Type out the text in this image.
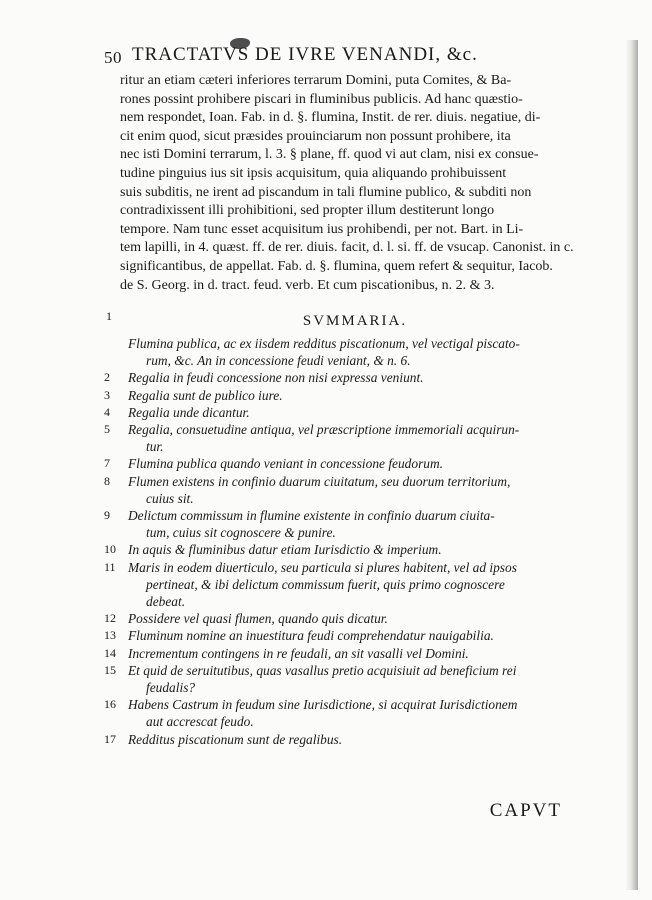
50 TRACTATVS DE IVRE VENANDI, &c.
ritur an etiam cæteri inferiores terrarum Domini, puta Comites, & Ba-
rones possint prohibere piscari in fluminibus publicis. Ad hanc quæstio-
nem respondet, Ioan. Fab. in d. §. flumina, Instit. de rer. diuis. negatiue, di-
cit enim quod, sicut præsides prouinciarum non possunt prohibere, ita
nec isti Domini terrarum, l. 3. § plane, ff. quod vi aut clam, nisi ex consue-
tudine pinguius ius sit ipsis acquisitum, quia aliquando prohibuissent
suis subditis, ne irent ad piscandum in tali flumine publico, & subditi non
contradixissent illi prohibitioni, sed propter illum destiterunt longo
tempore. Nam tunc esset acquisitum ius prohibendi, per not. Bart. in Li-
tem lapilli, in 4. quæst. ff. de rer. diuis. facit, d. l. si. ff. de vsucap. Canonist. in c.
significantibus, de appellat. Fab. d. §. flumina, quem refert & sequitur, Iacob.
de S. Georg. in d. tract. feud. verb. Et cum piscationibus, n. 2. & 3.
1	SVMMARIA.
Flumina publica, ac ex iisdem redditus piscationum, vel vectigal piscato-
rum, &c. An in concessione feudi veniant, & n. 6.
2 Regalia in feudi concessione non nisi expressa veniunt.
3 Regalia sunt de publico iure.
4 Regalia unde dicantur.
5 Regalia, consuetudine antiqua, vel præscriptione immemoriali acquirun-
tur.
7 Flumina publica quando veniant in concessione feudorum.
8 Flumen existens in confinio duarum ciuitatum, seu duorum territorium,
cuius sit.
9 Delictum commissum in flumine existente in confinio duarum ciuita-
tum, cuius sit cognoscere & punire.
10 In aquis & fluminibus datur etiam Iurisdictio & imperium.
11 Maris in eodem diuerticulo, seu particula si plures habitent, vel ad ipsos
pertineat, & ibi delictum commissum fuerit, quis primo cognoscere
debeat.
12 Possidere vel quasi flumen, quando quis dicatur.
13 Fluminum nomine an inuestitura feudi comprehendatur nauigabilia.
14 Incrementum contingens in re feudali, an sit vasalli vel Domini.
15 Et quid de seruitutibus, quas vasallus pretio acquisiuit ad beneficium rei
feudalis?
16 Habens Castrum in feudum sine Iurisdictione, si acquirat Iurisdictionem
aut accrescat feudo.
17 Redditus piscationum sunt de regalibus.
CAPVT
